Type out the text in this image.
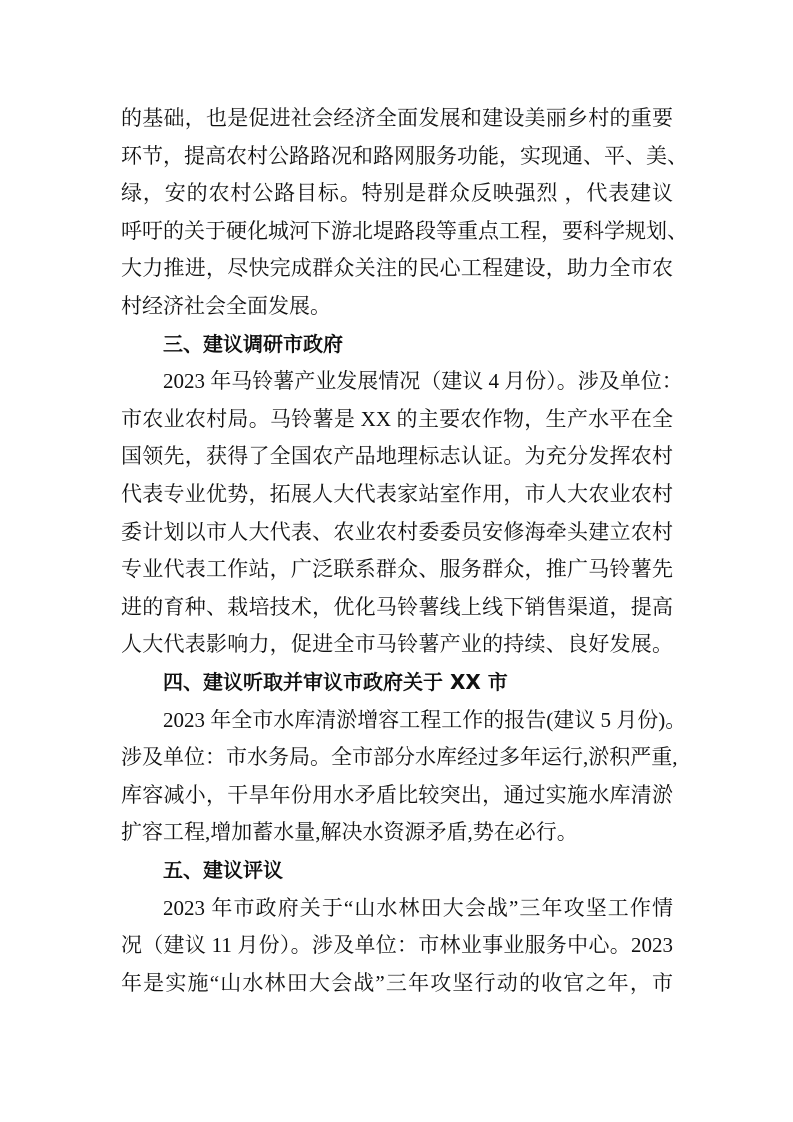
的基础，也是促进社会经济全面发展和建设美丽乡村的重要
环节，提高农村公路路况和路网服务功能，实现通、平、美、
绿，安的农村公路目标。特别是群众反映强烈 ，代表建议
呼吁的关于硬化城河下游北堤路段等重点工程，要科学规划、
大力推进，尽快完成群众关注的民心工程建设，助力全市农
村经济社会全面发展。
三、建议调研市政府
2023 年马铃薯产业发展情况（建议 4 月份）。涉及单位：
市农业农村局。马铃薯是 XX 的主要农作物，生产水平在全
国领先，获得了全国农产品地理标志认证。为充分发挥农村
代表专业优势，拓展人大代表家站室作用，市人大农业农村
委计划以市人大代表、农业农村委委员安修海牵头建立农村
专业代表工作站，广泛联系群众、服务群众，推广马铃薯先
进的育种、栽培技术，优化马铃薯线上线下销售渠道，提高
人大代表影响力，促进全市马铃薯产业的持续、良好发展。
四、建议听取并审议市政府关于 XX 市
2023 年全市水库清淤增容工程工作的报告(建议 5 月份)。
涉及单位：市水务局。全市部分水库经过多年运行,淤积严重,
库容减小，干旱年份用水矛盾比较突出，通过实施水库清淤
扩容工程,增加蓄水量,解决水资源矛盾,势在必行。
五、建议评议
2023 年市政府关于“山水林田大会战”三年攻坚工作情
况（建议 11 月份）。涉及单位：市林业事业服务中心。2023
年是实施“山水林田大会战”三年攻坚行动的收官之年，市
